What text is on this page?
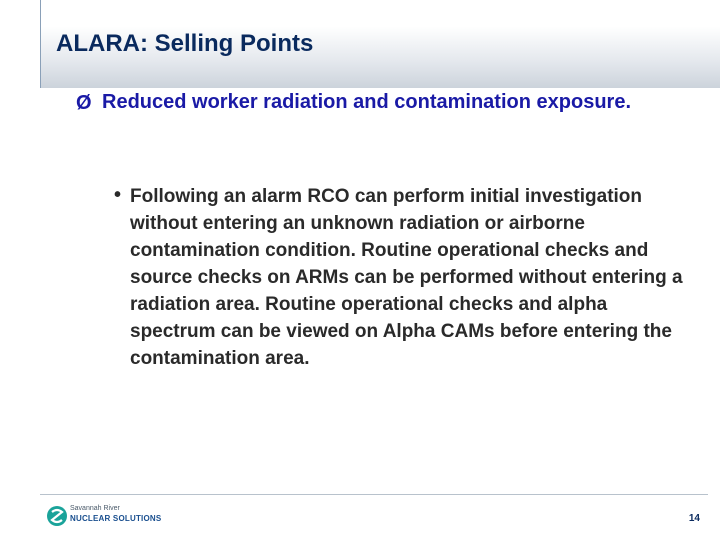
ALARA: Selling Points
Ø Reduced worker radiation and contamination exposure.
• Following an alarm RCO can perform initial investigation without entering an unknown radiation or airborne contamination condition. Routine operational checks and source checks on ARMs can be performed without entering a radiation area. Routine operational checks and alpha spectrum can be viewed on Alpha CAMs before entering the contamination area.
Savannah River
NUCLEAR SOLUTIONS	14
